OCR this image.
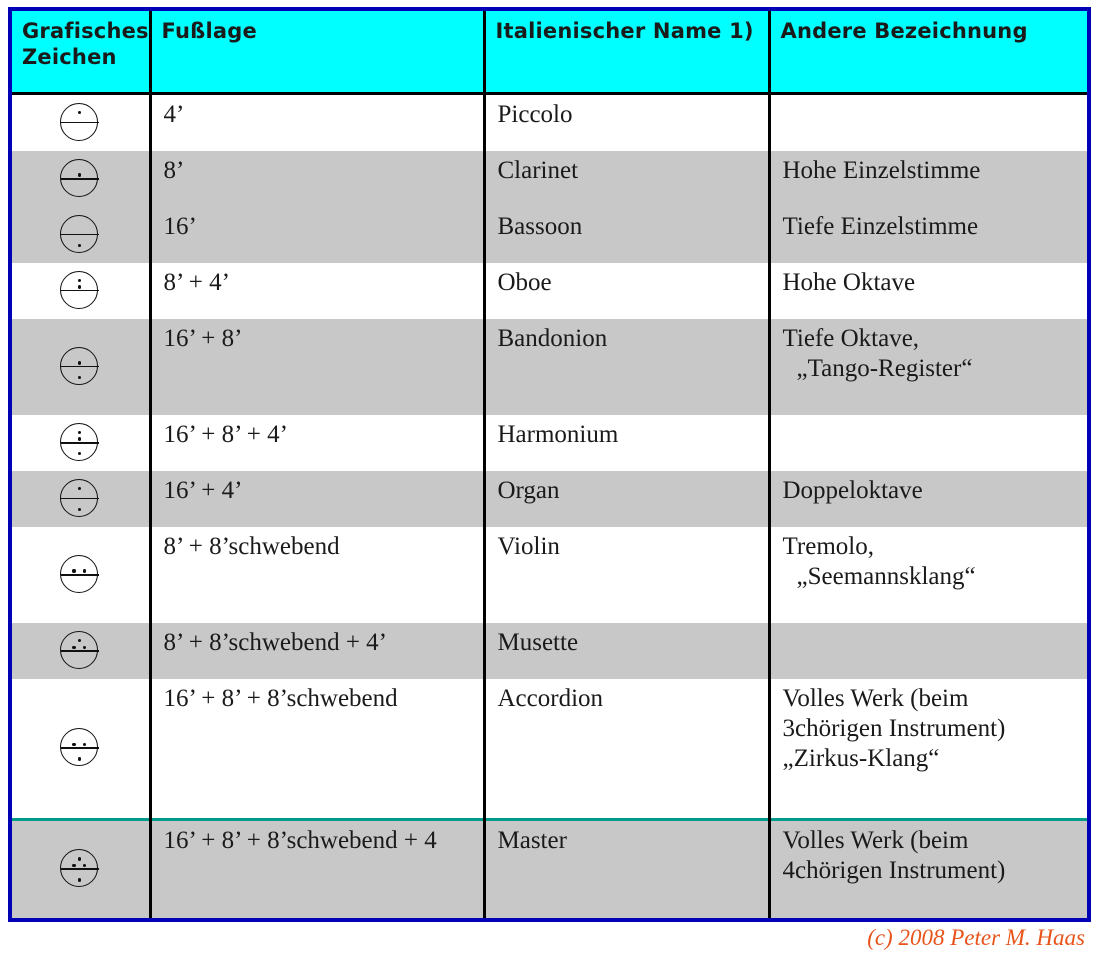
Grafisches Zeichen	Fußlage	Italienischer Name 1)	Andere Bezeichnung

	4’	Piccolo	

	8’	Clarinet	Hohe Einzelstimme

	16’	Bassoon	Tiefe Einzelstimme

	8’ + 4’	Oboe	Hohe Oktave

	16’ + 8’	Bandonion	Tiefe Oktave,
„Tango-Register“

	16’ + 8’ + 4’	Harmonium	

	16’ + 4’	Organ	Doppeloktave

	8’ + 8’schwebend	Violin	Tremolo,
„Seemannsklang“

	8’ + 8’schwebend + 4’	Musette	

	16’ + 8’ + 8’schwebend	Accordion	Volles Werk (beim
3chörigen Instrument)
„Zirkus-Klang“

	16’ + 8’ + 8’schwebend + 4	Master	Volles Werk (beim
4chörigen Instrument)
(c) 2008 Peter M. Haas
